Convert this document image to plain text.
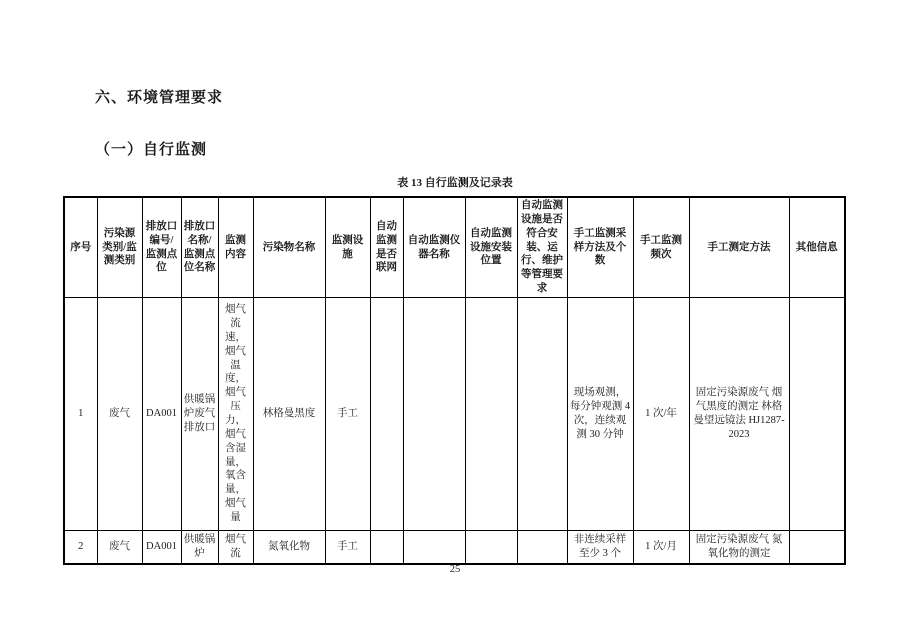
六、环境管理要求
（一）自行监测
表 13 自行监测及记录表
序号	污染源类别/监测类别	排放口编号/监测点位	排放口名称/监测点位名称	监测内容	污染物名称	监测设施	自动监测是否联网	自动监测仪器名称	自动监测设施安装位置	自动监测设施是否符合安装、运行、维护等管理要求	手工监测采样方法及个数	手工监测频次	手工测定方法	其他信息
1	废气	DA001	供暖锅炉废气排放口	烟气流速，烟气温度，烟气压力，烟气含湿量，氧含量，烟气量	林格曼黑度	手工					现场观测，每分钟观测 4 次，连续观测 30 分钟	1 次/年	固定污染源废气 烟气黑度的测定 林格曼望远镜法 HJ1287-2023	
2	废气	DA001	供暖锅炉	烟气流	氮氧化物	手工					非连续采样 至少 3 个	1 次/月	固定污染源废气 氮氧化物的测定	
25
